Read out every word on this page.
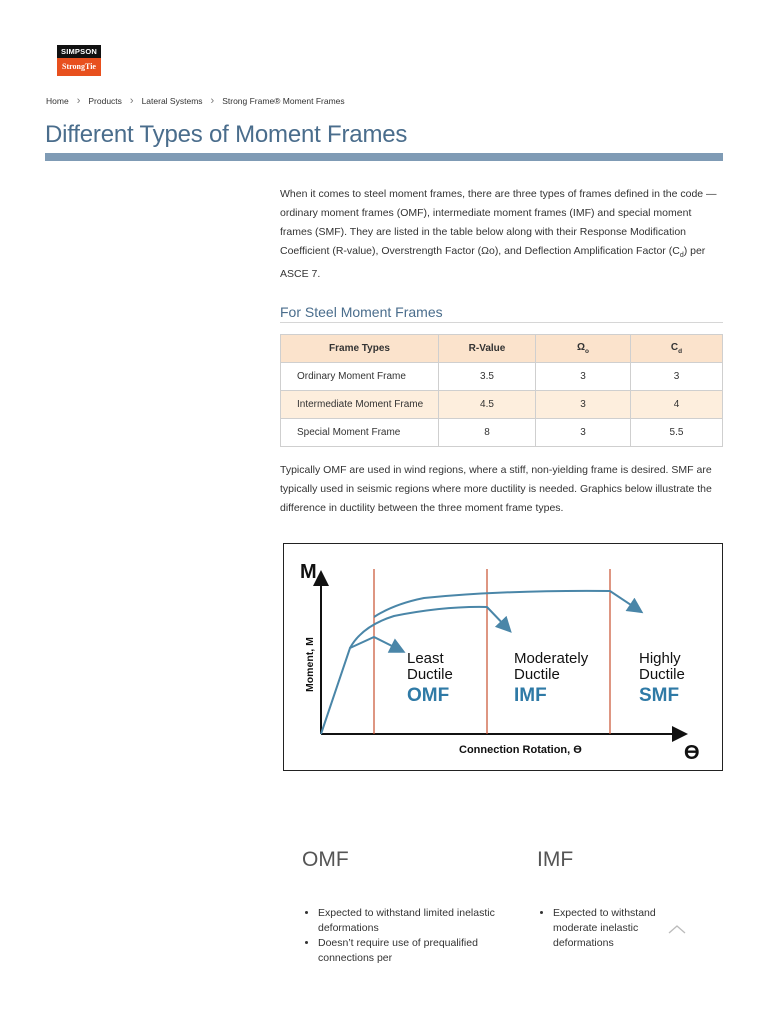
SIMPSON
StrongTie
Home › Products › Lateral Systems › Strong Frame® Moment Frames
Different Types of Moment Frames

When it comes to steel moment frames, there are three types of frames defined in the code — ordinary moment frames (OMF), intermediate moment frames (IMF) and special moment frames (SMF). They are listed in the table below along with their Response Modification Coefficient (R-value), Overstrength Factor (Ωo), and Deflection Amplification Factor $(C_d)$ per ASCE 7.

For Steel Moment Frames
Frame Types	R-Value	$\Omega_o$	$C_d$
Ordinary Moment Frame	3.5	3	3
Intermediate Moment Frame	4.5	3	4
Special Moment Frame	8	3	5.5

Typically OMF are used in wind regions, where a stiff, non-yielding frame is desired. SMF are typically used in seismic regions where more ductility is needed. Graphics below illustrate the difference in ductility between the three moment frame types.

M
ϴ
Moment, M
Connection Rotation, ϴ
Least
Ductile
OMF
Moderately
Ductile
IMF
Highly
Ductile
SMF
OMF
• Expected to withstand limited inelastic deformations
• Doesn’t require use of prequalified connections per
IMF
• Expected to withstand moderate inelastic deformations
